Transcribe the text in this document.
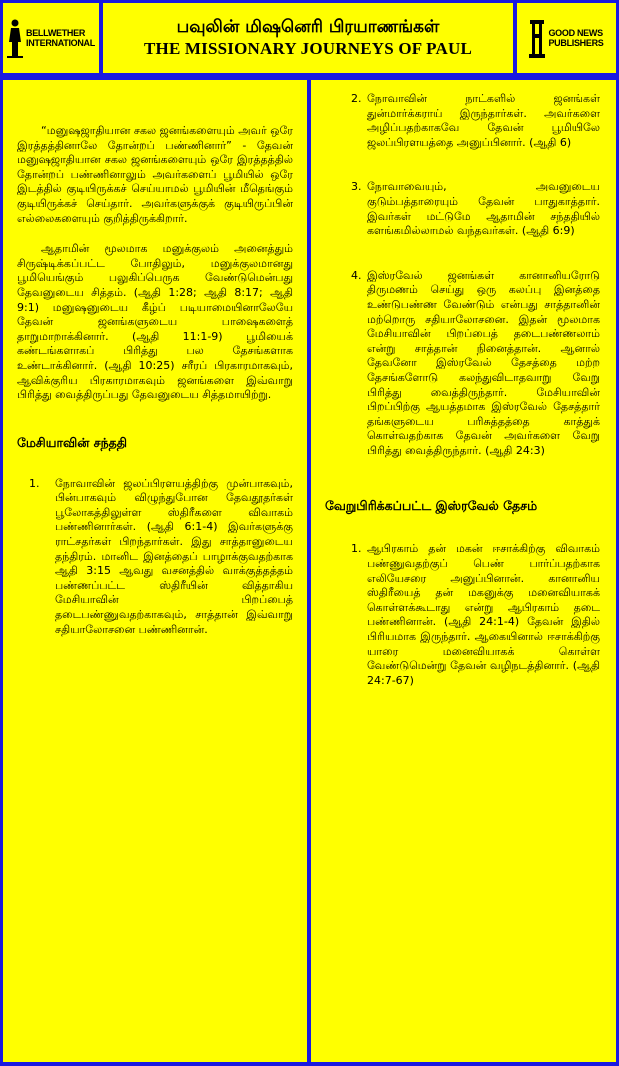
BELLWETHER
INTERNATIONAL
பவுலின் மிஷனெரி பிரயாணங்கள்
THE MISSIONARY JOURNEYS OF PAUL
GOOD NEWS
PUBLISHERS

“மனுஷஜாதியான சகல ஜனங்களையும் அவர் ஒரே இரத்தத்தினாலே தோன்றப் பண்ணினார்” - தேவன் மனுஷஜாதியான சகல ஜனங்களையும் ஒரே இரத்தத்தில் தோன்றப் பண்ணினாலும் அவர்களைப் பூமியில் ஒரே இடத்தில் குடியிருக்கச் செய்யாமல் பூமியின் மீதெங்கும் குடியிருக்கச் செய்தார். அவர்களுக்குக் குடியிருப்பின் எல்லைகளையும் குறித்திருக்கிறார்.

ஆதாமின் மூலமாக மனுக்குலம் அனைத்தும் சிருஷ்டிக்கப்பட்ட போதிலும், மனுக்குலமானது பூமியெங்கும் பலுகிப்பெருக வேண்டுமென்பது தேவனுடைய சித்தம். (ஆதி 1:28; ஆதி 8:17; ஆதி 9:1) மனுஷனுடைய கீழ்ப் படியாமையினாலேயே தேவன் ஜனங்களுடைய பாஷைகளைத் தாறுமாறாக்கினார். (ஆதி 11:1-9) பூமியைக் கண்டங்களாகப் பிரித்து பல தேசங்களாக உண்டாக்கினார். (ஆதி 10:25) சரீரப் பிரகாரமாகவும், ஆவிக்குரிய பிரகாரமாகவும் ஜனங்களை இவ்வாறு பிரித்து வைத்திருப்பது தேவனுடைய சித்தமாயிற்று.

மேசியாவின் சந்ததி
1. நோவாவின் ஜலப்பிரளயத்திற்கு முன்பாகவும், பின்பாகவும் விழுந்துபோன தேவதூதர்கள் பூலோகத்திலுள்ள ஸ்திரீகளை விவாகம் பண்ணினார்கள். (ஆதி 6:1-4) இவர்களுக்கு ராட்சதர்கள் பிறந்தார்கள். இது சாத்தானுடைய தந்திரம். மானிட இனத்தைப் பாழாக்குவதற்காக ஆதி 3:15 ஆவது வசனத்தில் வாக்குத்தத்தம் பண்ணப்பட்ட ஸ்திரீயின் வித்தாகிய மேசியாவின் பிறப்பைத் தடைபண்ணுவதற்காகவும், சாத்தான் இவ்வாறு சதியாலோசனை பண்ணினான்.
2. நோவாவின் நாட்களில் ஜனங்கள் துன்மார்க்கராய் இருந்தார்கள். அவர்களை அழிப்பதற்காகவே தேவன் பூமியிலே ஜலப்பிரளயத்தை அனுப்பினார். (ஆதி 6)
3. நோவாவையும், அவனுடைய குடும்பத்தாரையும் தேவன் பாதுகாத்தார். இவர்கள் மட்டுமே ஆதாமின் சந்ததியில் களங்கமில்லாமல் வந்தவர்கள். (ஆதி 6:9)
4. இஸ்ரவேல் ஜனங்கள் கானானியரோடு திருமணம் செய்து ஒரு கலப்பு இனத்தை உண்டுபண்ண வேண்டும் என்பது சாத்தானின் மற்றொரு சதியாலோசனை. இதன் மூலமாக மேசியாவின் பிறப்பைத் தடைபண்ணலாம் என்று சாத்தான் நினைத்தான். ஆனால் தேவனோ இஸ்ரவேல் தேசத்தை மற்ற தேசங்களோடு கலந்துவிடாதவாறு வேறு பிரித்து வைத்திருந்தார். மேசியாவின் பிறப்பிற்கு ஆயத்தமாக இஸ்ரவேல் தேசத்தார் தங்களுடைய பரிசுத்தத்தை காத்துக் கொள்வதற்காக தேவன் அவர்களை வேறு பிரித்து வைத்திருந்தார். (ஆதி 24:3)
வேறுபிரிக்கப்பட்ட இஸ்ரவேல் தேசம்
1. ஆபிரகாம் தன் மகன் ஈசாக்கிற்கு விவாகம் பண்ணுவதற்குப் பெண் பார்ப்பதற்காக எலியேசரை அனுப்பினான். கானானிய ஸ்திரீயைத் தன் மகனுக்கு மனைவியாகக் கொள்ளக்கூடாது என்று ஆபிரகாம் தடை பண்ணினான். (ஆதி 24:1-4) தேவன் இதில் பிரியமாக இருந்தார். ஆகையினால் ஈசாக்கிற்கு யாரை மனைவியாகக் கொள்ள வேண்டுமென்று தேவன் வழிநடத்தினார். (ஆதி 24:7-67)
